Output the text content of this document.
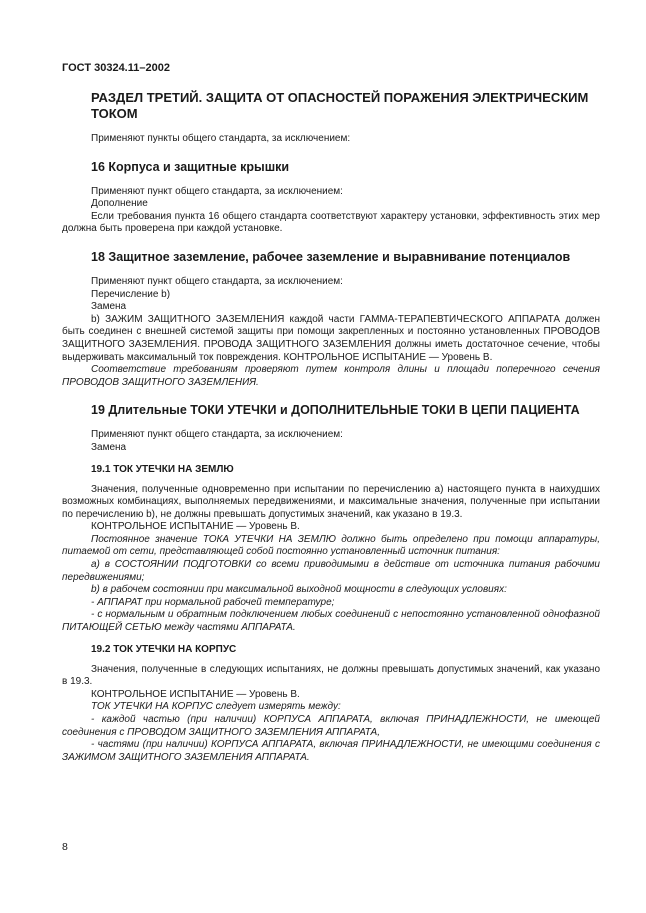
ГОСТ 30324.11–2002
РАЗДЕЛ ТРЕТИЙ. ЗАЩИТА ОТ ОПАСНОСТЕЙ ПОРАЖЕНИЯ ЭЛЕКТРИЧЕСКИМ ТОКОМ
Применяют пункты общего стандарта, за исключением:
16 Корпуса и защитные крышки
Применяют пункт общего стандарта, за исключением:
Дополнение
Если требования пункта 16 общего стандарта соответствуют характеру установки, эффективность этих мер должна быть проверена при каждой установке.
18 Защитное заземление, рабочее заземление и выравнивание потенциалов
Применяют пункт общего стандарта, за исключением:
Перечисление b)
Замена
b) ЗАЖИМ ЗАЩИТНОГО ЗАЗЕМЛЕНИЯ каждой части ГАММА-ТЕРАПЕВТИЧЕСКОГО АППАРАТА должен быть соединен с внешней системой защиты при помощи закрепленных и постоянно установленных ПРОВОДОВ ЗАЩИТНОГО ЗАЗЕМЛЕНИЯ. ПРОВОДА ЗАЩИТНОГО ЗАЗЕМЛЕНИЯ должны иметь достаточное сечение, чтобы выдерживать максимальный ток повреждения. КОНТРОЛЬНОЕ ИСПЫТАНИЕ — Уровень В.
Соответствие требованиям проверяют путем контроля длины и площади поперечного сечения ПРОВОДОВ ЗАЩИТНОГО ЗАЗЕМЛЕНИЯ.
19 Длительные ТОКИ УТЕЧКИ и ДОПОЛНИТЕЛЬНЫЕ ТОКИ В ЦЕПИ ПАЦИЕНТА
Применяют пункт общего стандарта, за исключением:
Замена
19.1 ТОК УТЕЧКИ НА ЗЕМЛЮ
Значения, полученные одновременно при испытании по перечислению а) настоящего пункта в наихудших возможных комбинациях, выполняемых передвижениями, и максимальные значения, полученные при испытании по перечислению b), не должны превышать допустимых значений, как указано в 19.3.
КОНТРОЛЬНОЕ ИСПЫТАНИЕ — Уровень В.
Постоянное значение ТОКА УТЕЧКИ НА ЗЕМЛЮ должно быть определено при помощи аппаратуры, питаемой от сети, представляющей собой постоянно установленный источник питания:
а) в СОСТОЯНИИ ПОДГОТОВКИ со всеми приводимыми в действие от источника питания рабочими передвижениями;
b) в рабочем состоянии при максимальной выходной мощности в следующих условиях:
- АППАРАТ при нормальной рабочей температуре;
- с нормальным и обратным подключением любых соединений с непостоянно установленной однофазной ПИТАЮЩЕЙ СЕТЬЮ между частями АППАРАТА.
19.2 ТОК УТЕЧКИ НА КОРПУС
Значения, полученные в следующих испытаниях, не должны превышать допустимых значений, как указано в 19.3.
КОНТРОЛЬНОЕ ИСПЫТАНИЕ — Уровень В.
ТОК УТЕЧКИ НА КОРПУС следует измерять между:
- каждой частью (при наличии) КОРПУСА АППАРАТА, включая ПРИНАДЛЕЖНОСТИ, не имеющей соединения с ПРОВОДОМ ЗАЩИТНОГО ЗАЗЕМЛЕНИЯ АППАРАТА,
- частями (при наличии) КОРПУСА АППАРАТА, включая ПРИНАДЛЕЖНОСТИ, не имеющими соединения с ЗАЖИМОМ ЗАЩИТНОГО ЗАЗЕМЛЕНИЯ АППАРАТА.
8
